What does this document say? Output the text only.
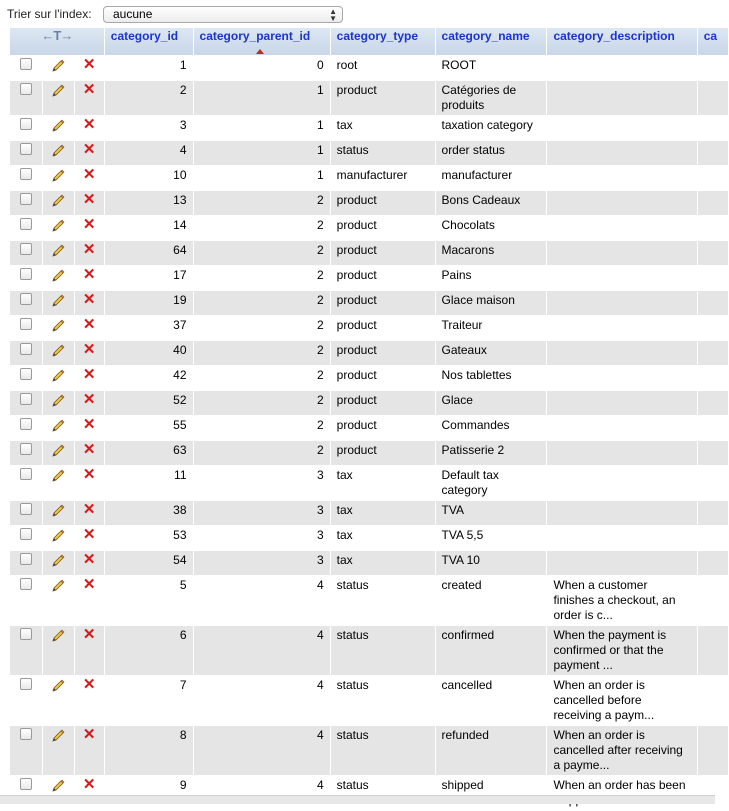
Trier sur l'index:	aucune	▲
▼
←T→			category_id	category_parent_id	category_type	category_name	category_description	ca
		✕	1	0	root	ROOT		
		✕	2	1	product	Catégories de produits		
		✕	3	1	tax	taxation category		
		✕	4	1	status	order status		
		✕	10	1	manufacturer	manufacturer		
		✕	13	2	product	Bons Cadeaux		
		✕	14	2	product	Chocolats		
		✕	64	2	product	Macarons		
		✕	17	2	product	Pains		
		✕	19	2	product	Glace maison		
		✕	37	2	product	Traiteur		
		✕	40	2	product	Gateaux		
		✕	42	2	product	Nos tablettes		
		✕	52	2	product	Glace		
		✕	55	2	product	Commandes		
		✕	63	2	product	Patisserie 2		
		✕	11	3	tax	Default tax category		
		✕	38	3	tax	TVA		
		✕	53	3	tax	TVA 5,5		
		✕	54	3	tax	TVA 10		
		✕	5	4	status	created	When a customer finishes a checkout, an order is c...	
		✕	6	4	status	confirmed	When the payment is confirmed or that the payment ...	
		✕	7	4	status	cancelled	When an order is cancelled before receiving a paym...	
		✕	8	4	status	refunded	When an order is cancelled after receiving a payme...	
		✕	9	4	status	shipped	When an order has been	
